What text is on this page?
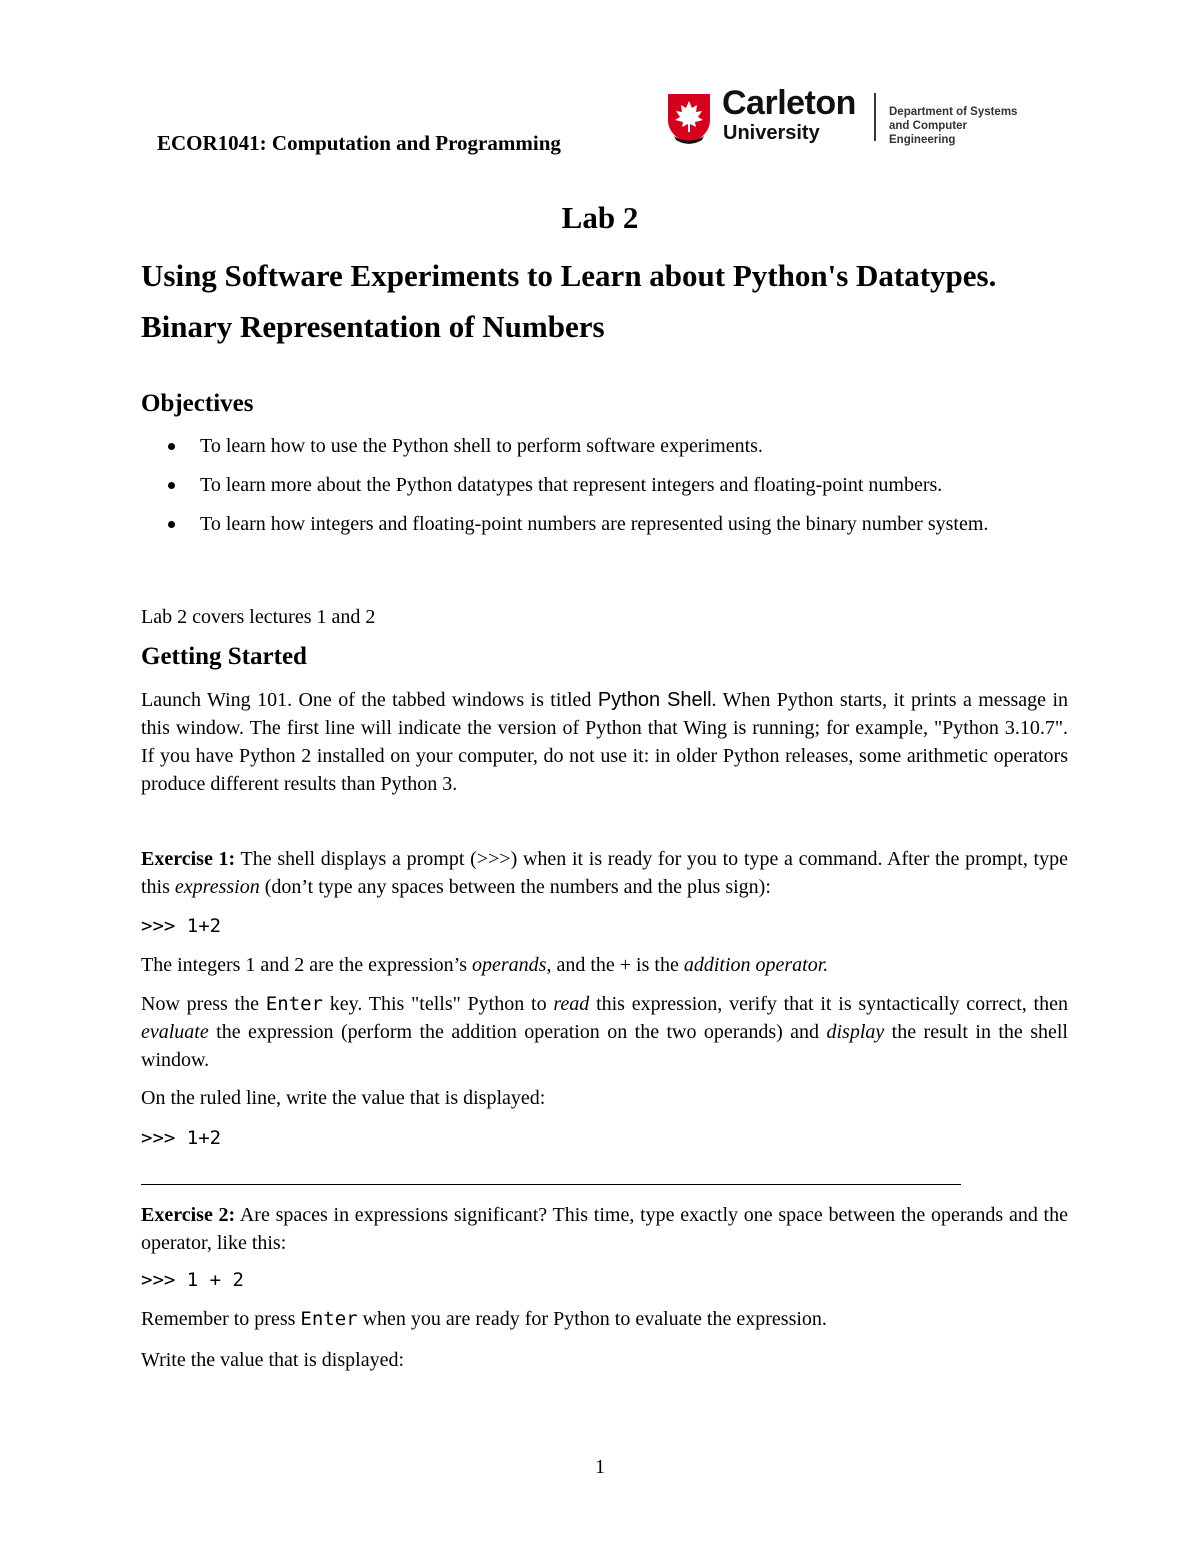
ECOR1041: Computation and Programming
Carleton
University
Department of Systems
and Computer Engineering
Lab 2
Using Software Experiments to Learn about Python's Datatypes.
Binary Representation of Numbers
Objectives
To learn how to use the Python shell to perform software experiments.
To learn more about the Python datatypes that represent integers and floating-point numbers.
To learn how integers and floating-point numbers are represented using the binary number system.
Lab 2 covers lectures 1 and 2
Getting Started
Launch Wing 101. One of the tabbed windows is titled Python Shell. When Python starts, it prints a message in this window. The first line will indicate the version of Python that Wing is running; for example, "Python 3.10.7". If you have Python 2 installed on your computer, do not use it: in older Python releases, some arithmetic operators produce different results than Python 3.
Exercise 1: The shell displays a prompt (>>>) when it is ready for you to type a command. After the prompt, type this expression (don’t type any spaces between the numbers and the plus sign):
>>> 1+2
The integers 1 and 2 are the expression’s operands, and the + is the addition operator.
Now press the Enter key. This "tells" Python to read this expression, verify that it is syntactically correct, then evaluate the expression (perform the addition operation on the two operands) and display the result in the shell window.
On the ruled line, write the value that is displayed:
>>> 1+2
Exercise 2: Are spaces in expressions significant? This time, type exactly one space between the operands and the operator, like this:
>>> 1 + 2
Remember to press Enter when you are ready for Python to evaluate the expression.
Write the value that is displayed:
1
